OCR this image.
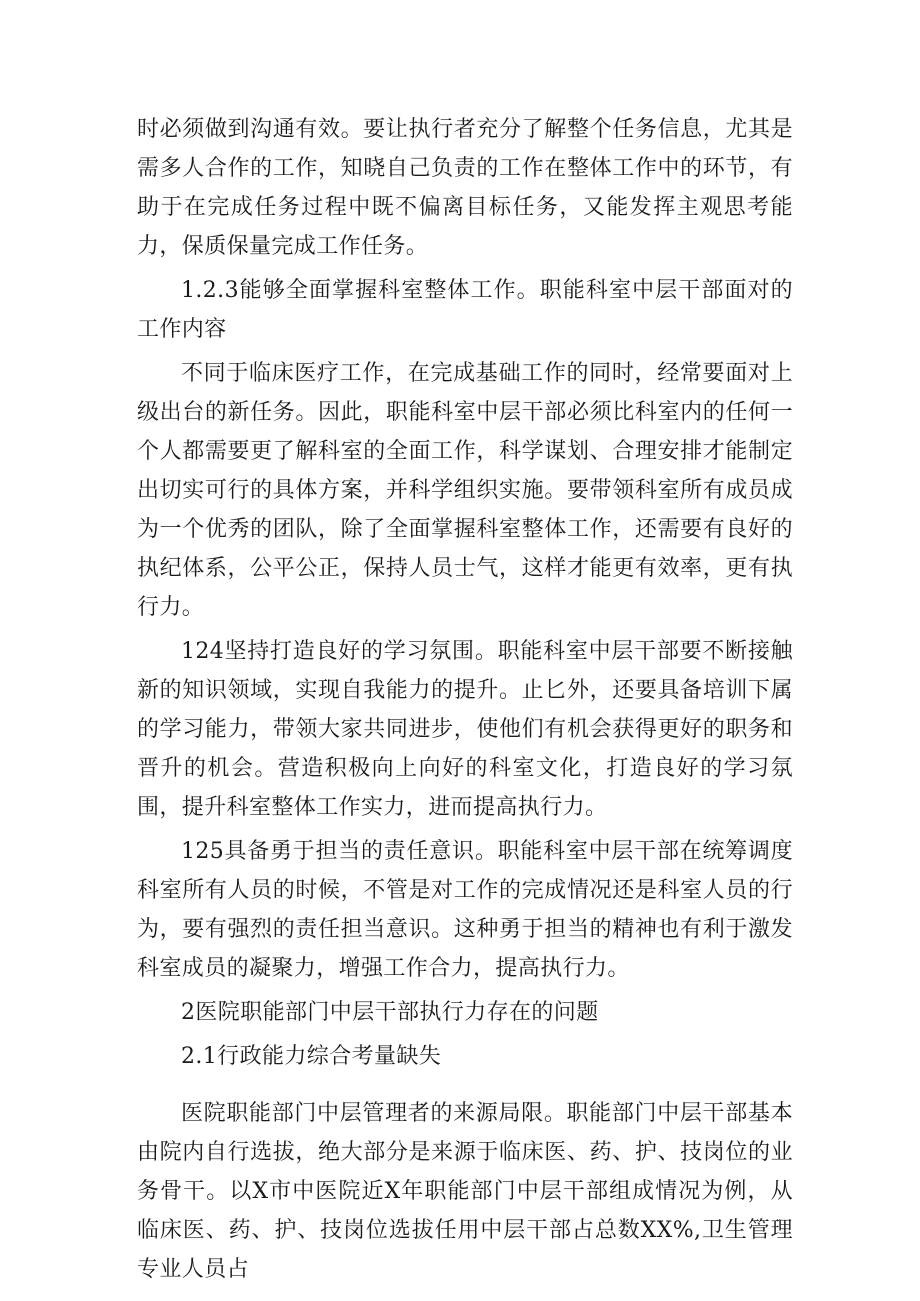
时必须做到沟通有效。要让执行者充分了解整个任务信息，尤其是需多人合作的工作，知晓自己负责的工作在整体工作中的环节，有助于在完成任务过程中既不偏离目标任务，又能发挥主观思考能力，保质保量完成工作任务。

1.2.3能够全面掌握科室整体工作。职能科室中层干部面对的工作内容

不同于临床医疗工作，在完成基础工作的同时，经常要面对上级出台的新任务。因此，职能科室中层干部必须比科室内的任何一个人都需要更了解科室的全面工作，科学谋划、合理安排才能制定出切实可行的具体方案，并科学组织实施。要带领科室所有成员成为一个优秀的团队，除了全面掌握科室整体工作，还需要有良好的执纪体系，公平公正，保持人员士气，这样才能更有效率，更有执行力。

124坚持打造良好的学习氛围。职能科室中层干部要不断接触新的知识领域，实现自我能力的提升。止匕外，还要具备培训下属的学习能力，带领大家共同进步，使他们有机会获得更好的职务和晋升的机会。营造积极向上向好的科室文化，打造良好的学习氛围，提升科室整体工作实力，进而提高执行力。

125具备勇于担当的责任意识。职能科室中层干部在统筹调度科室所有人员的时候，不管是对工作的完成情况还是科室人员的行为，要有强烈的责任担当意识。这种勇于担当的精神也有利于激发科室成员的凝聚力，增强工作合力，提高执行力。

2医院职能部门中层干部执行力存在的问题

2.1行政能力综合考量缺失

医院职能部门中层管理者的来源局限。职能部门中层干部基本由院内自行选拔，绝大部分是来源于临床医、药、护、技岗位的业务骨干。以X市中医院近X年职能部门中层干部组成情况为例，从临床医、药、护、技岗位选拔任用中层干部占总数XX%,卫生管理专业人员占
